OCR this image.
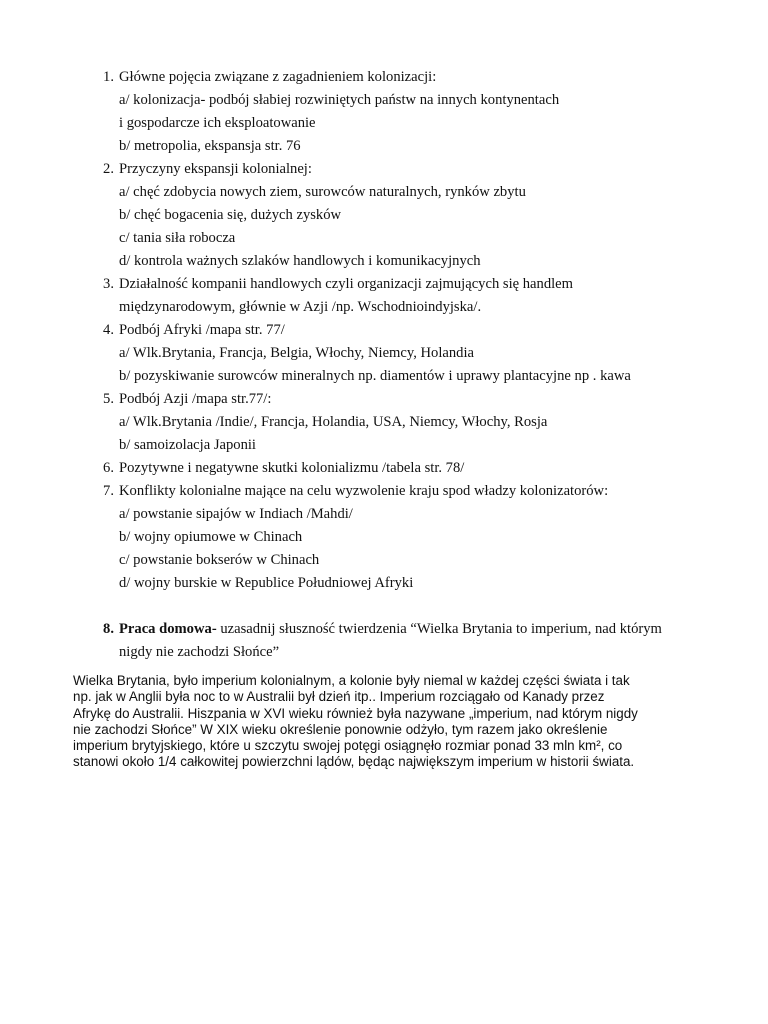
1. Główne pojęcia związane z zagadnieniem kolonizacji:
a/ kolonizacja- podbój słabiej rozwiniętych państw na innych kontynentach
i gospodarcze ich eksploatowanie
b/ metropolia, ekspansja str. 76
2. Przyczyny ekspansji kolonialnej:
a/ chęć zdobycia nowych ziem, surowców naturalnych, rynków zbytu
b/ chęć bogacenia się, dużych zysków
c/ tania siła robocza
d/ kontrola ważnych szlaków handlowych i komunikacyjnych
3. Działalność kompanii handlowych czyli organizacji zajmujących się handlem
międzynarodowym, głównie w Azji /np. Wschodnioindyjska/.
4. Podbój Afryki /mapa str. 77/
a/ Wlk.Brytania, Francja, Belgia, Włochy, Niemcy, Holandia
b/ pozyskiwanie surowców mineralnych np. diamentów i uprawy plantacyjne np . kawa
5. Podbój Azji /mapa str.77/:
a/ Wlk.Brytania /Indie/, Francja, Holandia, USA, Niemcy, Włochy, Rosja
b/ samoizolacja Japonii
6. Pozytywne i negatywne skutki kolonializmu /tabela str. 78/
7. Konflikty kolonialne mające na celu wyzwolenie kraju spod władzy kolonizatorów:
a/ powstanie sipajów w Indiach /Mahdi/
b/ wojny opiumowe w Chinach
c/ powstanie bokserów w Chinach
d/ wojny burskie w Republice Południowej Afryki
8. Praca domowa- uzasadnij słuszność twierdzenia “Wielka Brytania to imperium, nad którym
nigdy nie zachodzi Słońce”
Wielka Brytania, było imperium kolonialnym, a kolonie były niemal w każdej części świata i tak
np. jak w Anglii była noc to w Australii był dzień itp.. Imperium rozciągało od Kanady przez
Afrykę do Australii. Hiszpania w XVI wieku również była nazywane „imperium, nad którym nigdy
nie zachodzi Słońce” W XIX wieku określenie ponownie odżyło, tym razem jako określenie
imperium brytyjskiego, które u szczytu swojej potęgi osiągnęło rozmiar ponad 33 mln km², co
stanowi około 1/4 całkowitej powierzchni lądów, będąc największym imperium w historii świata.
